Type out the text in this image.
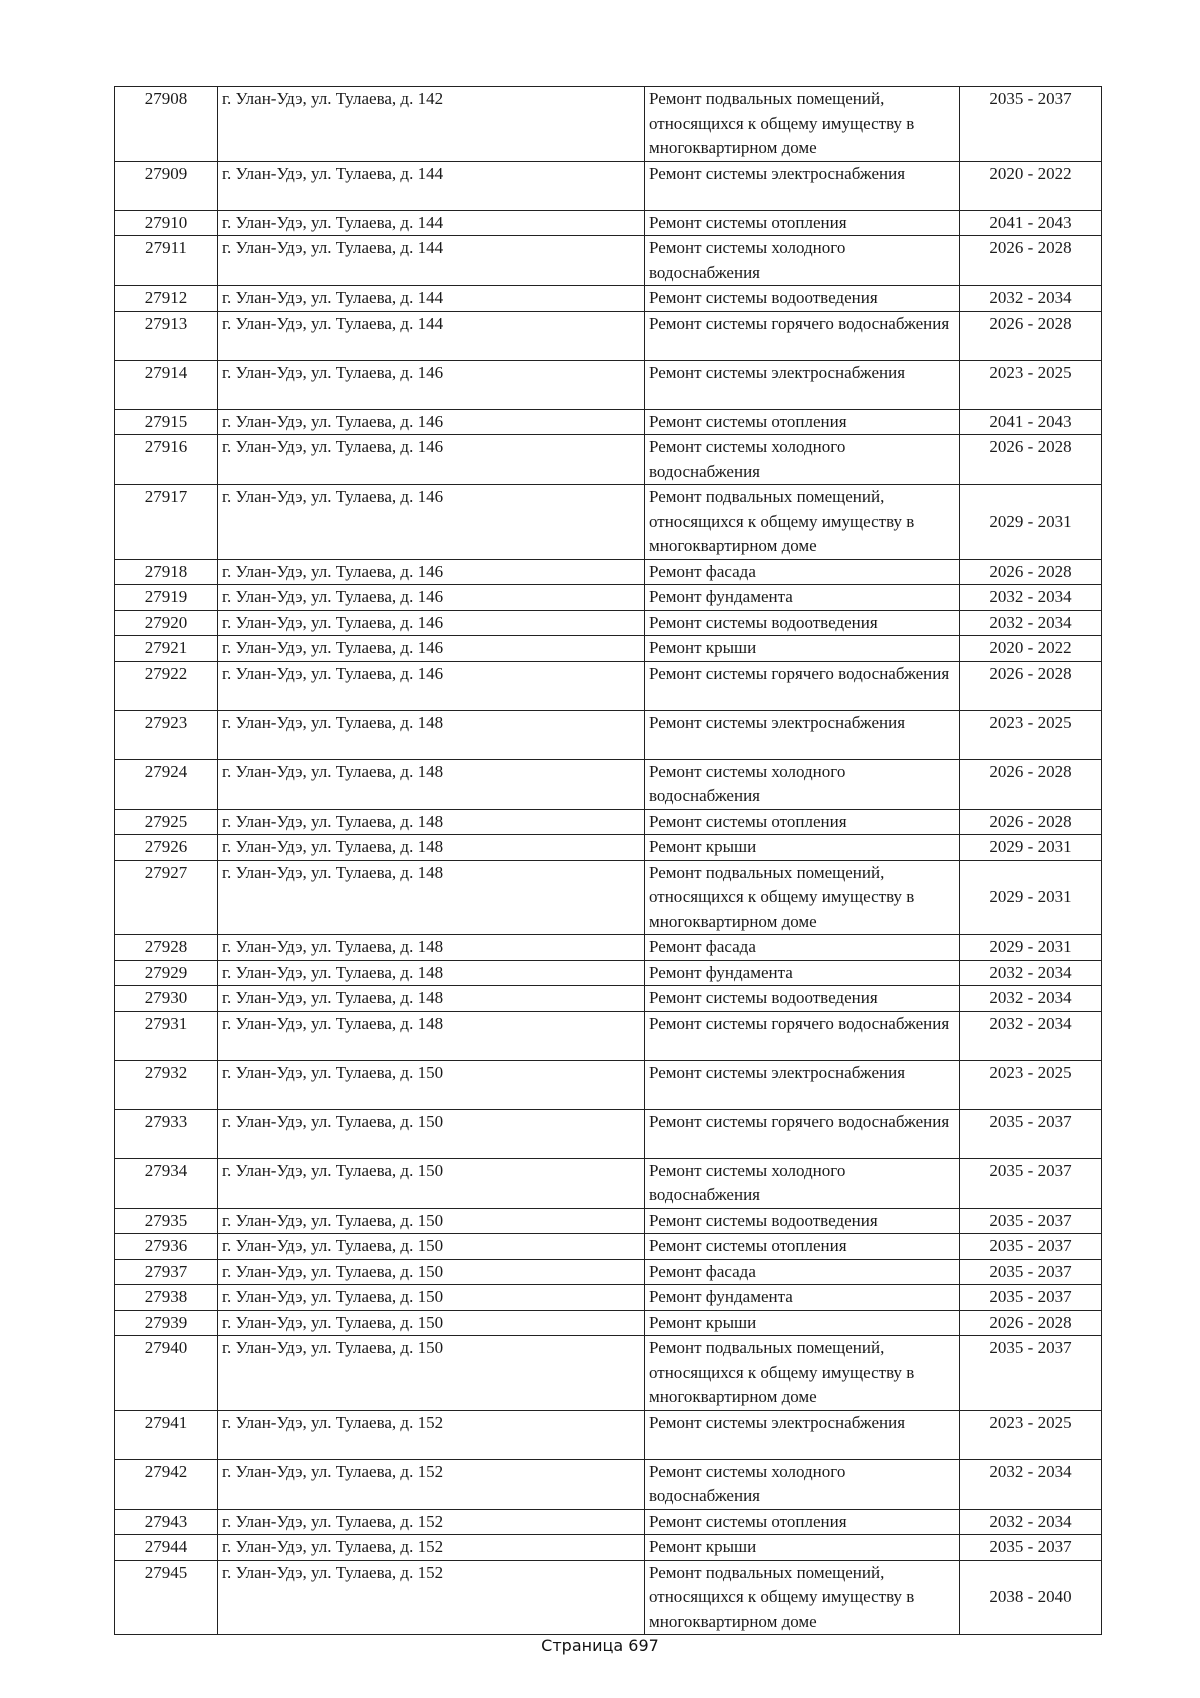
27908	г. Улан-Удэ, ул. Тулаева, д. 142	Ремонт подвальных помещений, относящихся к общему имуществу в многоквартирном доме	2035 - 2037
27909	г. Улан-Удэ, ул. Тулаева, д. 144	Ремонт системы электроснабжения	2020 - 2022
27910	г. Улан-Удэ, ул. Тулаева, д. 144	Ремонт системы отопления	2041 - 2043
27911	г. Улан-Удэ, ул. Тулаева, д. 144	Ремонт системы холодного водоснабжения	2026 - 2028
27912	г. Улан-Удэ, ул. Тулаева, д. 144	Ремонт системы водоотведения	2032 - 2034
27913	г. Улан-Удэ, ул. Тулаева, д. 144	Ремонт системы горячего водоснабжения	2026 - 2028
27914	г. Улан-Удэ, ул. Тулаева, д. 146	Ремонт системы электроснабжения	2023 - 2025
27915	г. Улан-Удэ, ул. Тулаева, д. 146	Ремонт системы отопления	2041 - 2043
27916	г. Улан-Удэ, ул. Тулаева, д. 146	Ремонт системы холодного водоснабжения	2026 - 2028
27917	г. Улан-Удэ, ул. Тулаева, д. 146	Ремонт подвальных помещений, относящихся к общему имуществу в многоквартирном доме	2029 - 2031
27918	г. Улан-Удэ, ул. Тулаева, д. 146	Ремонт фасада	2026 - 2028
27919	г. Улан-Удэ, ул. Тулаева, д. 146	Ремонт фундамента	2032 - 2034
27920	г. Улан-Удэ, ул. Тулаева, д. 146	Ремонт системы водоотведения	2032 - 2034
27921	г. Улан-Удэ, ул. Тулаева, д. 146	Ремонт крыши	2020 - 2022
27922	г. Улан-Удэ, ул. Тулаева, д. 146	Ремонт системы горячего водоснабжения	2026 - 2028
27923	г. Улан-Удэ, ул. Тулаева, д. 148	Ремонт системы электроснабжения	2023 - 2025
27924	г. Улан-Удэ, ул. Тулаева, д. 148	Ремонт системы холодного водоснабжения	2026 - 2028
27925	г. Улан-Удэ, ул. Тулаева, д. 148	Ремонт системы отопления	2026 - 2028
27926	г. Улан-Удэ, ул. Тулаева, д. 148	Ремонт крыши	2029 - 2031
27927	г. Улан-Удэ, ул. Тулаева, д. 148	Ремонт подвальных помещений, относящихся к общему имуществу в многоквартирном доме	2029 - 2031
27928	г. Улан-Удэ, ул. Тулаева, д. 148	Ремонт фасада	2029 - 2031
27929	г. Улан-Удэ, ул. Тулаева, д. 148	Ремонт фундамента	2032 - 2034
27930	г. Улан-Удэ, ул. Тулаева, д. 148	Ремонт системы водоотведения	2032 - 2034
27931	г. Улан-Удэ, ул. Тулаева, д. 148	Ремонт системы горячего водоснабжения	2032 - 2034
27932	г. Улан-Удэ, ул. Тулаева, д. 150	Ремонт системы электроснабжения	2023 - 2025
27933	г. Улан-Удэ, ул. Тулаева, д. 150	Ремонт системы горячего водоснабжения	2035 - 2037
27934	г. Улан-Удэ, ул. Тулаева, д. 150	Ремонт системы холодного водоснабжения	2035 - 2037
27935	г. Улан-Удэ, ул. Тулаева, д. 150	Ремонт системы водоотведения	2035 - 2037
27936	г. Улан-Удэ, ул. Тулаева, д. 150	Ремонт системы отопления	2035 - 2037
27937	г. Улан-Удэ, ул. Тулаева, д. 150	Ремонт фасада	2035 - 2037
27938	г. Улан-Удэ, ул. Тулаева, д. 150	Ремонт фундамента	2035 - 2037
27939	г. Улан-Удэ, ул. Тулаева, д. 150	Ремонт крыши	2026 - 2028
27940	г. Улан-Удэ, ул. Тулаева, д. 150	Ремонт подвальных помещений, относящихся к общему имуществу в многоквартирном доме	2035 - 2037
27941	г. Улан-Удэ, ул. Тулаева, д. 152	Ремонт системы электроснабжения	2023 - 2025
27942	г. Улан-Удэ, ул. Тулаева, д. 152	Ремонт системы холодного водоснабжения	2032 - 2034
27943	г. Улан-Удэ, ул. Тулаева, д. 152	Ремонт системы отопления	2032 - 2034
27944	г. Улан-Удэ, ул. Тулаева, д. 152	Ремонт крыши	2035 - 2037
27945	г. Улан-Удэ, ул. Тулаева, д. 152	Ремонт подвальных помещений, относящихся к общему имуществу в многоквартирном доме	2038 - 2040
Страница 697
